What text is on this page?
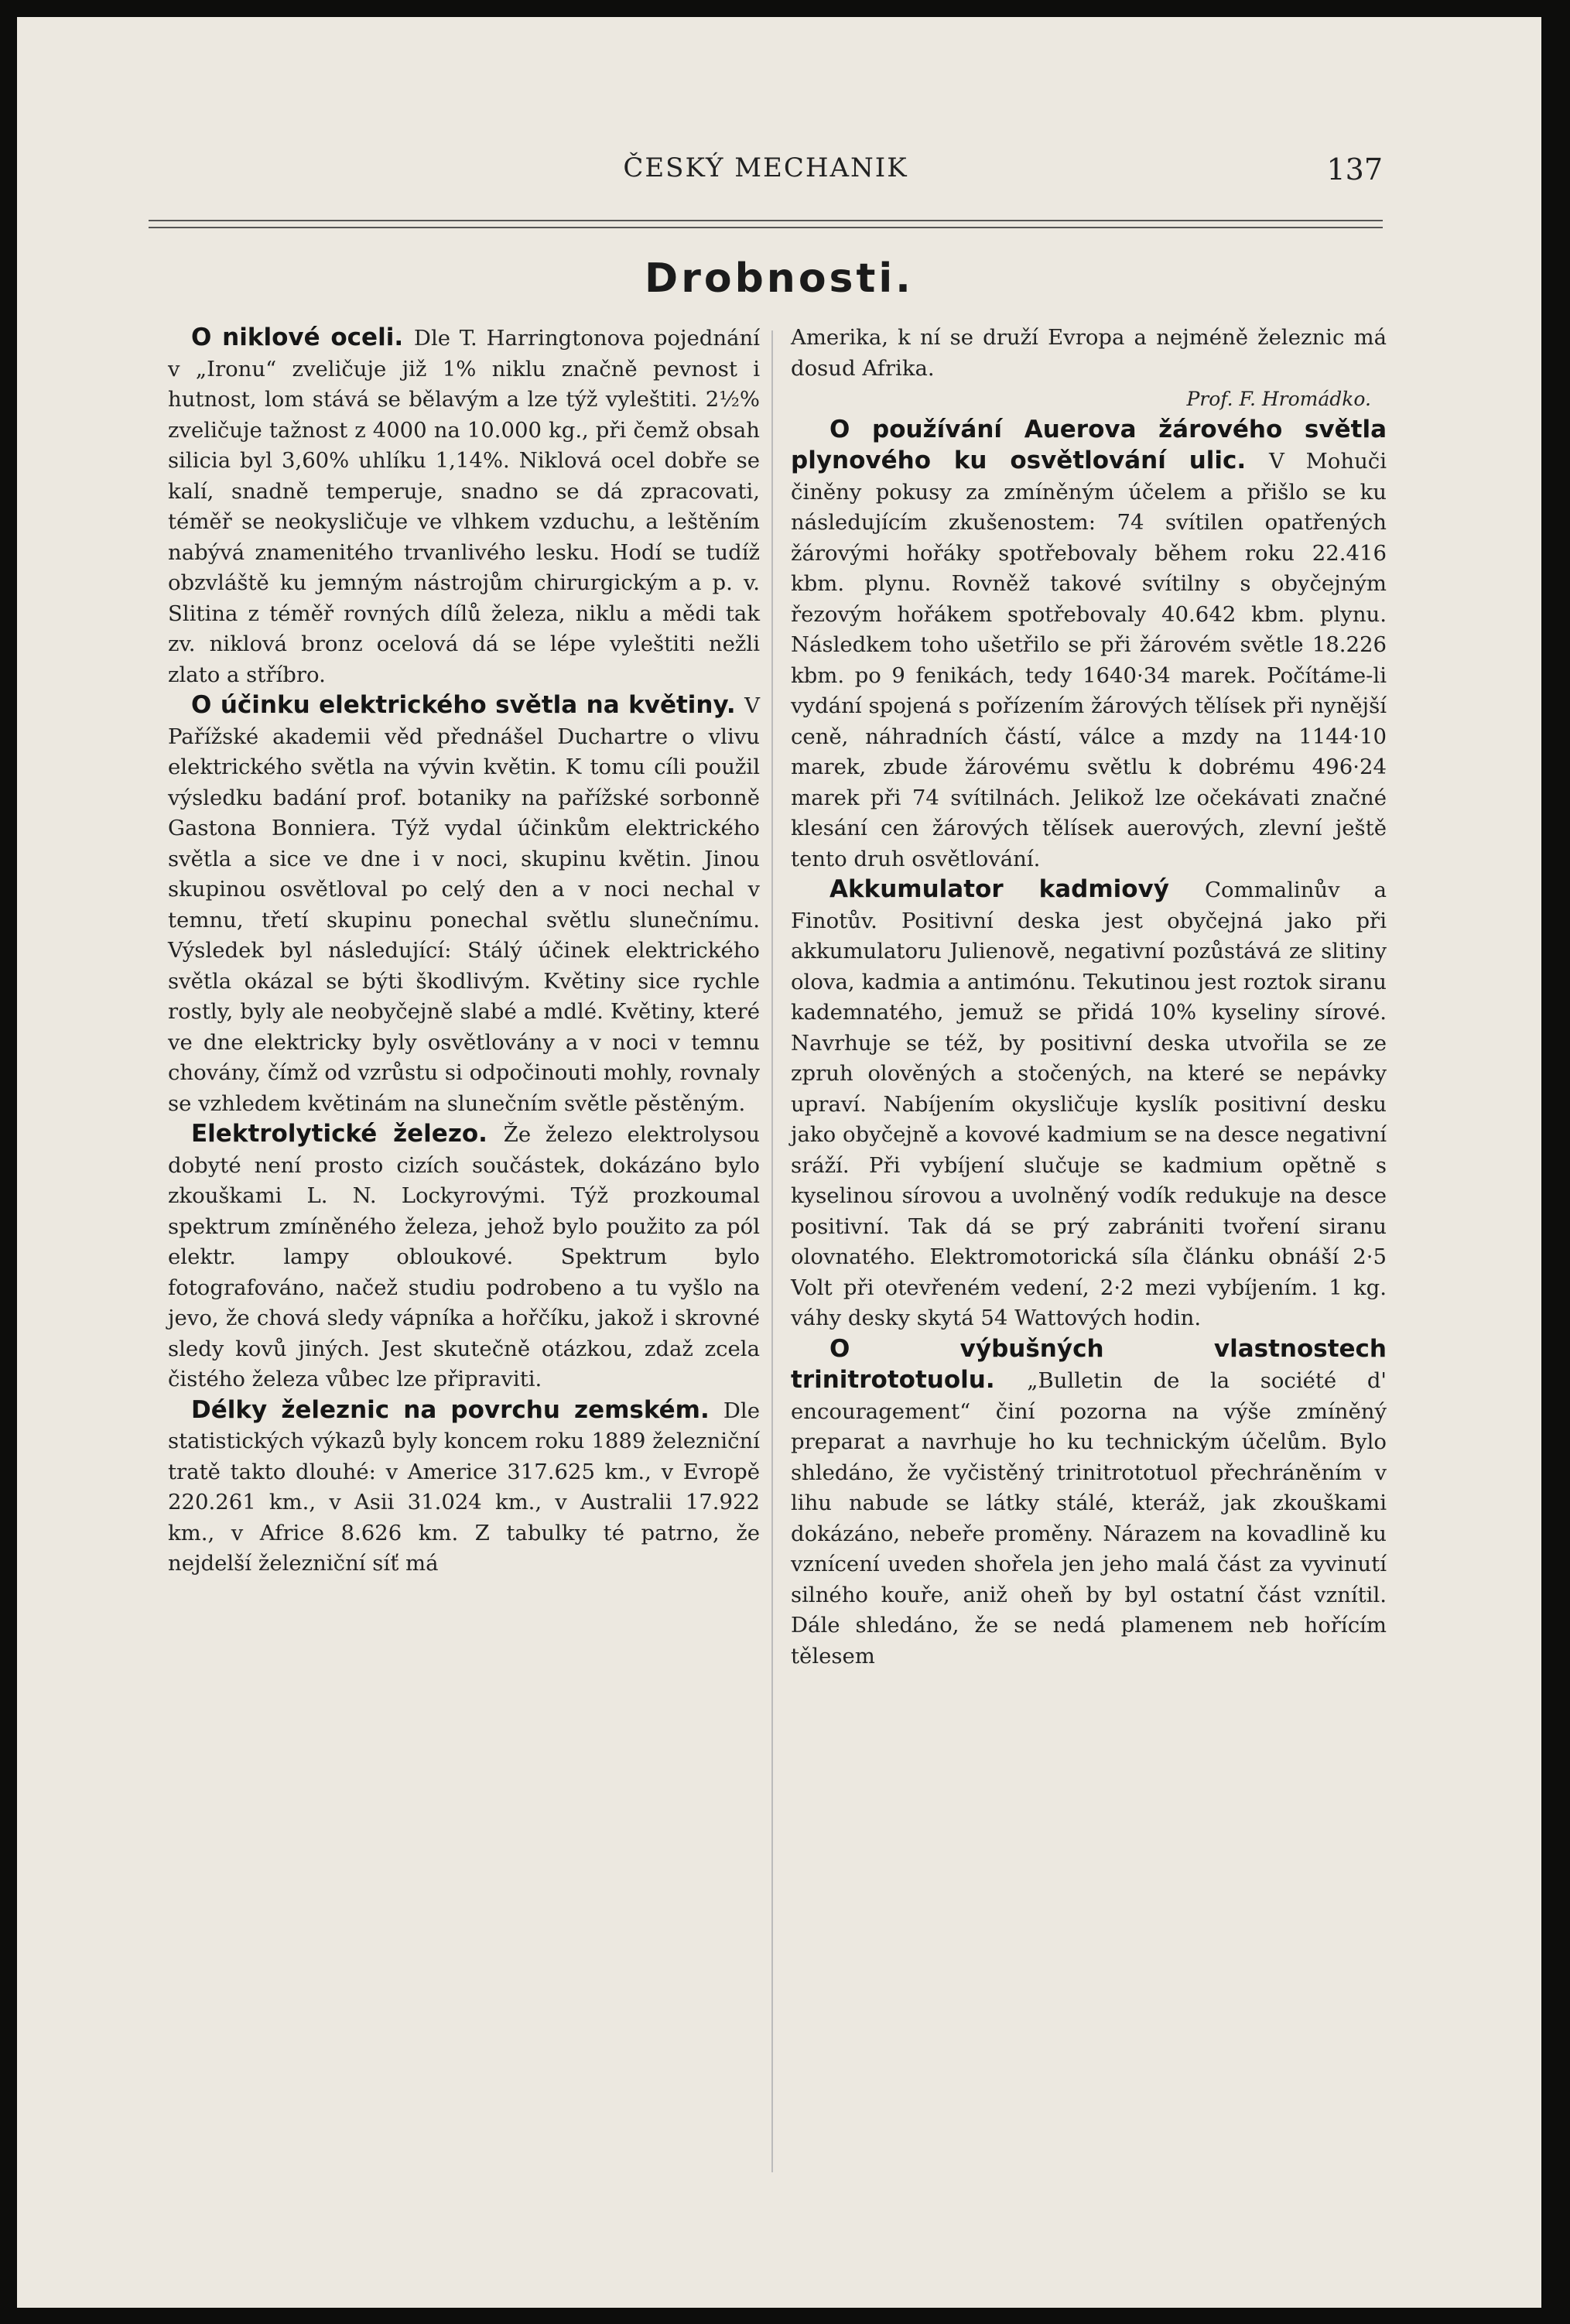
ČESKÝ MECHANIK	137
Drobnosti.

O niklové oceli. Dle T. Harringtonova pojednání v „Ironu“ zveličuje již 1% niklu značně pevnost i hutnost, lom stává se bělavým a lze týž vyleštiti. 2½% zveličuje tažnost z 4000 na 10.000 kg., při čemž obsah silicia byl 3,60% uhlíku 1,14%. Niklová ocel dobře se kalí, snadně temperuje, snadno se dá zpracovati, téměř se neokysličuje ve vlhkem vzduchu, a leštěním nabývá znamenitého trvanlivého lesku. Hodí se tudíž obzvláště ku jemným nástrojům chirurgickým a p. v. Slitina z téměř rovných dílů železa, niklu a mědi tak zv. niklová bronz ocelová dá se lépe vyleštiti nežli zlato a stříbro.

O účinku elektrického světla na květiny. V Pařížské akademii věd přednášel Duchartre o vlivu elektrického světla na vývin květin. K tomu cíli použil výsledku badání prof. botaniky na pařížské sorbonně Gastona Bonniera. Týž vydal účinkům elektrického světla a sice ve dne i v noci, skupinu květin. Jinou skupinou osvětloval po celý den a v noci nechal v temnu, třetí skupinu ponechal světlu slunečnímu. Výsledek byl následující: Stálý účinek elektrického světla okázal se býti škodlivým. Květiny sice rychle rostly, byly ale neobyčejně slabé a mdlé. Květiny, které ve dne elektricky byly osvětlovány a v noci v temnu chovány, čímž od vzrůstu si odpočinouti mohly, rovnaly se vzhledem květinám na slunečním světle pěstěným.

Elektrolytické železo. Že železo elektrolysou dobyté není prosto cizích součástek, dokázáno bylo zkouškami L. N. Lockyrovými. Týž prozkoumal spektrum zmíněného železa, jehož bylo použito za pól elektr. lampy obloukové. Spektrum bylo fotografováno, načež studiu podrobeno a tu vyšlo na jevo, že chová sledy vápníka a hořčíku, jakož i skrovné sledy kovů jiných. Jest skutečně otázkou, zdaž zcela čistého železa vůbec lze připraviti.

Délky železnic na povrchu zemském. Dle statistických výkazů byly koncem roku 1889 železniční tratě takto dlouhé: v Americe 317.625 km., v Evropě 220.261 km., v Asii 31.024 km., v Australii 17.922 km., v Africe 8.626 km. Z tabulky té patrno, že nejdelší železniční síť má

Amerika, k ní se druží Evropa a nejméně železnic má dosud Afrika.

Prof. F. Hromádko.

O používání Auerova žárového světla plynového ku osvětlování ulic. V Mohuči činěny pokusy za zmíněným účelem a přišlo se ku následujícím zkušenostem: 74 svítilen opatřených žárovými hořáky spotřebovaly během roku 22.416 kbm. plynu. Rovněž takové svítilny s obyčejným řezovým hořákem spotřebovaly 40.642 kbm. plynu. Následkem toho ušetřilo se při žárovém světle 18.226 kbm. po 9 fenikách, tedy 1640·34 marek. Počítáme-li vydání spojená s pořízením žárových tělísek při nynější ceně, náhradních částí, válce a mzdy na 1144·10 marek, zbude žárovému světlu k dobrému 496·24 marek při 74 svítilnách. Jelikož lze očekávati značné klesání cen žárových tělísek auerových, zlevní ještě tento druh osvětlování.

Akkumulator kadmiový Commalinův a Finotův. Positivní deska jest obyčejná jako při akkumulatoru Julienově, negativní pozůstává ze slitiny olova, kadmia a antimónu. Tekutinou jest roztok siranu kademnatého, jemuž se přidá 10% kyseliny sírové. Navrhuje se též, by positivní deska utvořila se ze zpruh olověných a stočených, na které se nepávky upraví. Nabíjením okysličuje kyslík positivní desku jako obyčejně a kovové kadmium se na desce negativní sráží. Při vybíjení slučuje se kadmium opětně s kyselinou sírovou a uvolněný vodík redukuje na desce positivní. Tak dá se prý zabrániti tvoření siranu olovnatého. Elektromotorická síla článku obnáší 2·5 Volt při otevřeném vedení, 2·2 mezi vybíjením. 1 kg. váhy desky skytá 54 Wattových hodin.

O výbušných vlastnostech trinitrototuolu. „Bulletin de la société d' encouragement“ činí pozorna na výše zmíněný preparat a navrhuje ho ku technickým účelům. Bylo shledáno, že vyčistěný trinitrototuol přechráněním v lihu nabude se látky stálé, kteráž, jak zkouškami dokázáno, nebeře proměny. Nárazem na kovadlině ku vznícení uveden shořela jen jeho malá část za vyvinutí silného kouře, aniž oheň by byl ostatní část vznítil. Dále shledáno, že se nedá plamenem neb hořícím tělesem
